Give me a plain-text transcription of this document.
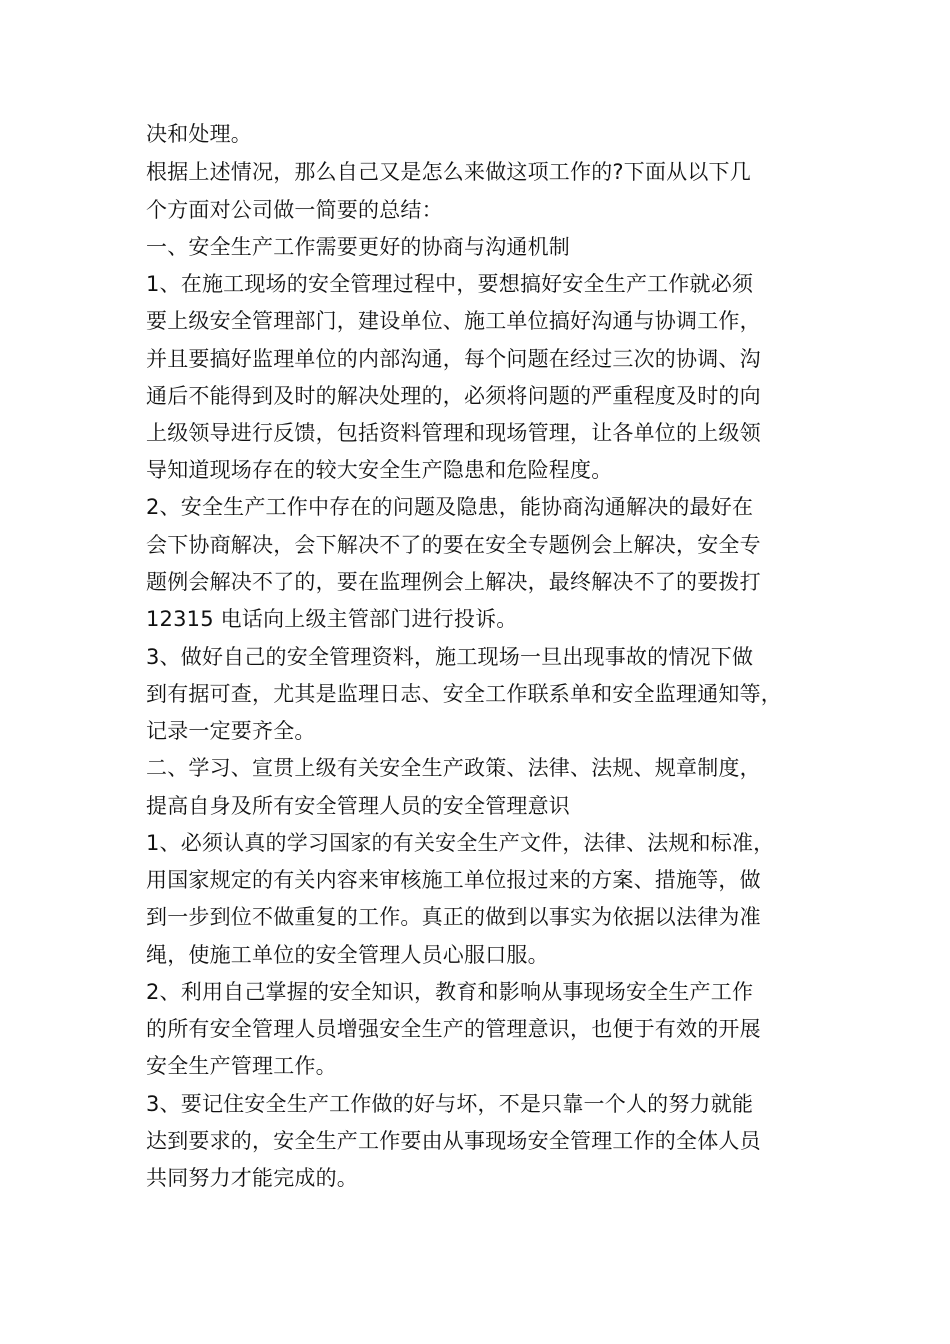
决和处理。
根据上述情况，那么自己又是怎么来做这项工作的?下面从以下几
个方面对公司做一简要的总结：
一、安全生产工作需要更好的协商与沟通机制
1、在施工现场的安全管理过程中，要想搞好安全生产工作就必须
要上级安全管理部门，建设单位、施工单位搞好沟通与协调工作，
并且要搞好监理单位的内部沟通，每个问题在经过三次的协调、沟
通后不能得到及时的解决处理的，必须将问题的严重程度及时的向
上级领导进行反馈，包括资料管理和现场管理，让各单位的上级领
导知道现场存在的较大安全生产隐患和危险程度。
2、安全生产工作中存在的问题及隐患，能协商沟通解决的最好在
会下协商解决，会下解决不了的要在安全专题例会上解决，安全专
题例会解决不了的，要在监理例会上解决，最终解决不了的要拨打
12315 电话向上级主管部门进行投诉。
3、做好自己的安全管理资料，施工现场一旦出现事故的情况下做
到有据可查，尤其是监理日志、安全工作联系单和安全监理通知等，
记录一定要齐全。
二、学习、宣贯上级有关安全生产政策、法律、法规、规章制度，
提高自身及所有安全管理人员的安全管理意识
1、必须认真的学习国家的有关安全生产文件，法律、法规和标准，
用国家规定的有关内容来审核施工单位报过来的方案、措施等，做
到一步到位不做重复的工作。真正的做到以事实为依据以法律为准
绳，使施工单位的安全管理人员心服口服。
2、利用自己掌握的安全知识，教育和影响从事现场安全生产工作
的所有安全管理人员增强安全生产的管理意识，也便于有效的开展
安全生产管理工作。
3、要记住安全生产工作做的好与坏，不是只靠一个人的努力就能
达到要求的，安全生产工作要由从事现场安全管理工作的全体人员
共同努力才能完成的。
